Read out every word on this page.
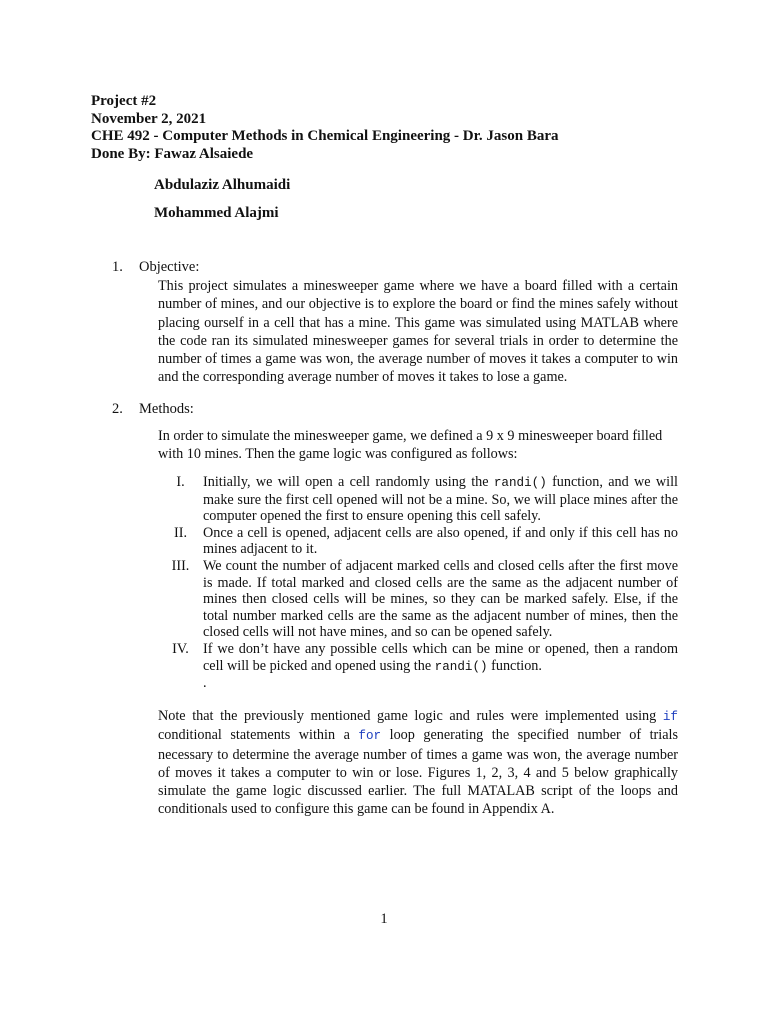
Project #2
November 2, 2021
CHE 492 - Computer Methods in Chemical Engineering - Dr. Jason Bara
Done By: Fawaz Alsaiede
Abdulaziz Alhumaidi
Mohammed Alajmi
1. Objective:
This project simulates a minesweeper game where we have a board filled with a certain number of mines, and our objective is to explore the board or find the mines safely without placing ourself in a cell that has a mine. This game was simulated using MATLAB where the code ran its simulated minesweeper games for several trials in order to determine the number of times a game was won, the average number of moves it takes a computer to win and the corresponding average number of moves it takes to lose a game.
2. Methods:
In order to simulate the minesweeper game, we defined a 9 x 9 minesweeper board filled with 10 mines. Then the game logic was configured as follows:
I.	Initially, we will open a cell randomly using the randi() function, and we will make sure the first cell opened will not be a mine. So, we will place mines after the computer opened the first to ensure opening this cell safely.
II.	Once a cell is opened, adjacent cells are also opened, if and only if this cell has no mines adjacent to it.
III. We count the number of adjacent marked cells and closed cells after the first move is made. If total marked and closed cells are the same as the adjacent number of mines then closed cells will be mines, so they can be marked safely. Else, if the total number marked cells are the same as the adjacent number of mines, then the closed cells will not have mines, and so can be opened safely.
IV. If we don’t have any possible cells which can be mine or opened, then a random cell will be picked and opened using the randi() function.
.
Note that the previously mentioned game logic and rules were implemented using if conditional statements within a for loop generating the specified number of trials necessary to determine the average number of times a game was won, the average number of moves it takes a computer to win or lose. Figures 1, 2, 3, 4 and 5 below graphically simulate the game logic discussed earlier. The full MATALAB script of the loops and conditionals used to configure this game can be found in Appendix A.
1
